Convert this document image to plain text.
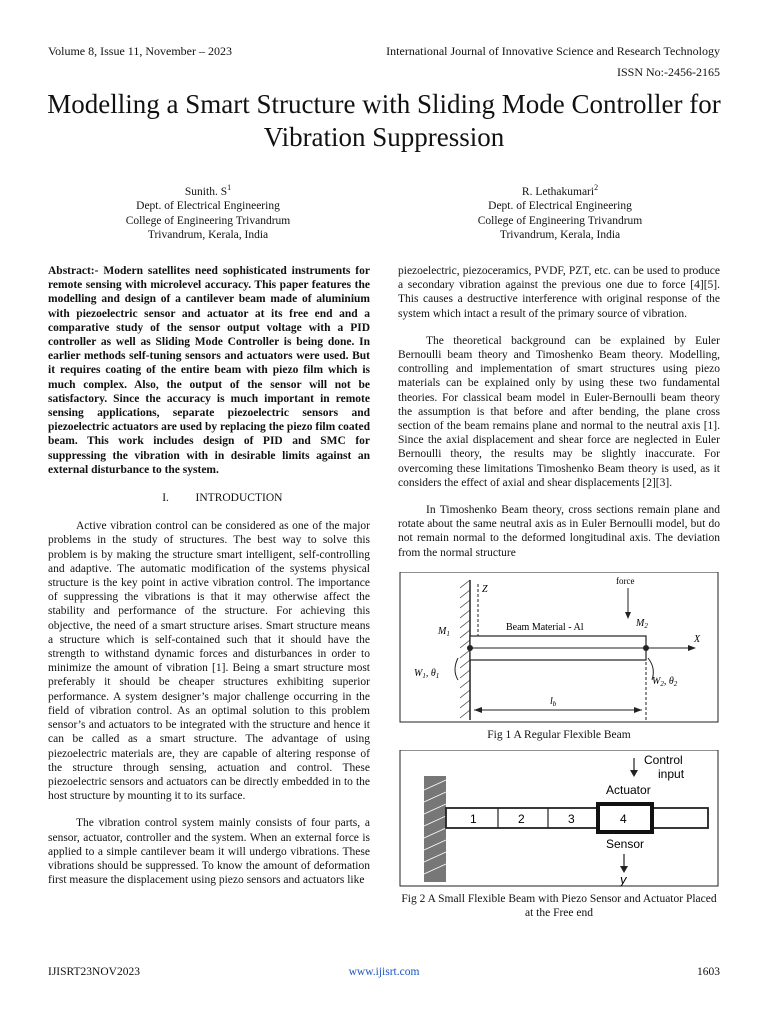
Volume 8, Issue 11, November – 2023	International Journal of Innovative Science and Research Technology
ISSN No:-2456-2165
Modelling a Smart Structure with Sliding Mode Controller for Vibration Suppression
Sunith. $S^1$
Dept. of Electrical Engineering
College of Engineering Trivandrum
Trivandrum, Kerala, India
R. Lethakumari$^2$
Dept. of Electrical Engineering
College of Engineering Trivandrum
Trivandrum, Kerala, India

Abstract:- Modern satellites need sophisticated instruments for remote sensing with microlevel accuracy. This paper features the modelling and design of a cantilever beam made of aluminium with piezoelectric sensor and actuator at its free end and a comparative study of the sensor output voltage with a PID controller as well as Sliding Mode Controller is being done. In earlier methods self-tuning sensors and actuators were used. But it requires coating of the entire beam with piezo film which is much complex. Also, the output of the sensor will not be satisfactory. Since the accuracy is much important in remote sensing applications, separate piezoelectric sensors and piezoelectric actuators are used by replacing the piezo film coated beam. This work includes design of PID and SMC for suppressing the vibration with in desirable limits against an external disturbance to the system.

I. INTRODUCTION

Active vibration control can be considered as one of the major problems in the study of structures. The best way to solve this problem is by making the structure smart intelligent, self-controlling and adaptive. The automatic modification of the systems physical structure is the key point in active vibration control. The importance of suppressing the vibrations is that it may otherwise affect the stability and performance of the structure. For achieving this objective, the need of a smart structure arises. Smart structure means a structure which is self-contained such that it should have the strength to withstand dynamic forces and disturbances in order to minimize the amount of vibration [1]. Being a smart structure most preferably it should be cheaper structures exhibiting superior performance. A system designer’s major challenge occurring in the field of vibration control. As an optimal solution to this problem sensor’s and actuators to be integrated with the structure and hence it can be called as a smart structure. The advantage of using piezoelectric materials are, they are capable of altering response of the structure through sensing, actuation and control. These piezoelectric sensors and actuators can be directly embedded in to the host structure by mounting it to its surface.

The vibration control system mainly consists of four parts, a sensor, actuator, controller and the system. When an external force is applied to a simple cantilever beam it will undergo vibrations. These vibrations should be suppressed. To know the amount of deformation first measure the displacement using piezo sensors and actuators like

piezoelectric, piezoceramics, PVDF, PZT, etc. can be used to produce a secondary vibration against the previous one due to force [4][5]. This causes a destructive interference with original response of the system which intact a result of the primary source of vibration.

The theoretical background can be explained by Euler Bernoulli beam theory and Timoshenko Beam theory. Modelling, controlling and implementation of smart structures using piezo materials can be explained only by using these two fundamental theories. For classical beam model in Euler-Bernoulli beam theory the assumption is that before and after bending, the plane cross section of the beam remains plane and normal to the neutral axis [1]. Since the axial displacement and shear force are neglected in Euler Bernoulli theory, the results may be slightly inaccurate. For overcoming these limitations Timoshenko Beam theory is used, as it considers the effect of axial and shear displacements [2][3].

In Timoshenko Beam theory, cross sections remain plane and rotate about the same neutral axis as in Euler Bernoulli model, but do not remain normal to the deformed longitudinal axis. The deviation from the normal structure

Z
X
Beam Material - Al
force
$M_1$
$M_2$
$W_1$, $\theta_1$	$W_2$, $\theta_2$
$l_b$
Fig 1 A Regular Flexible Beam
1	2	3	4
Control
input
Actuator
Sensor
y
Fig 2 A Small Flexible Beam with Piezo Sensor and Actuator Placed at the Free end
IJISRT23NOV2023	www.ijisrt.com	1603
